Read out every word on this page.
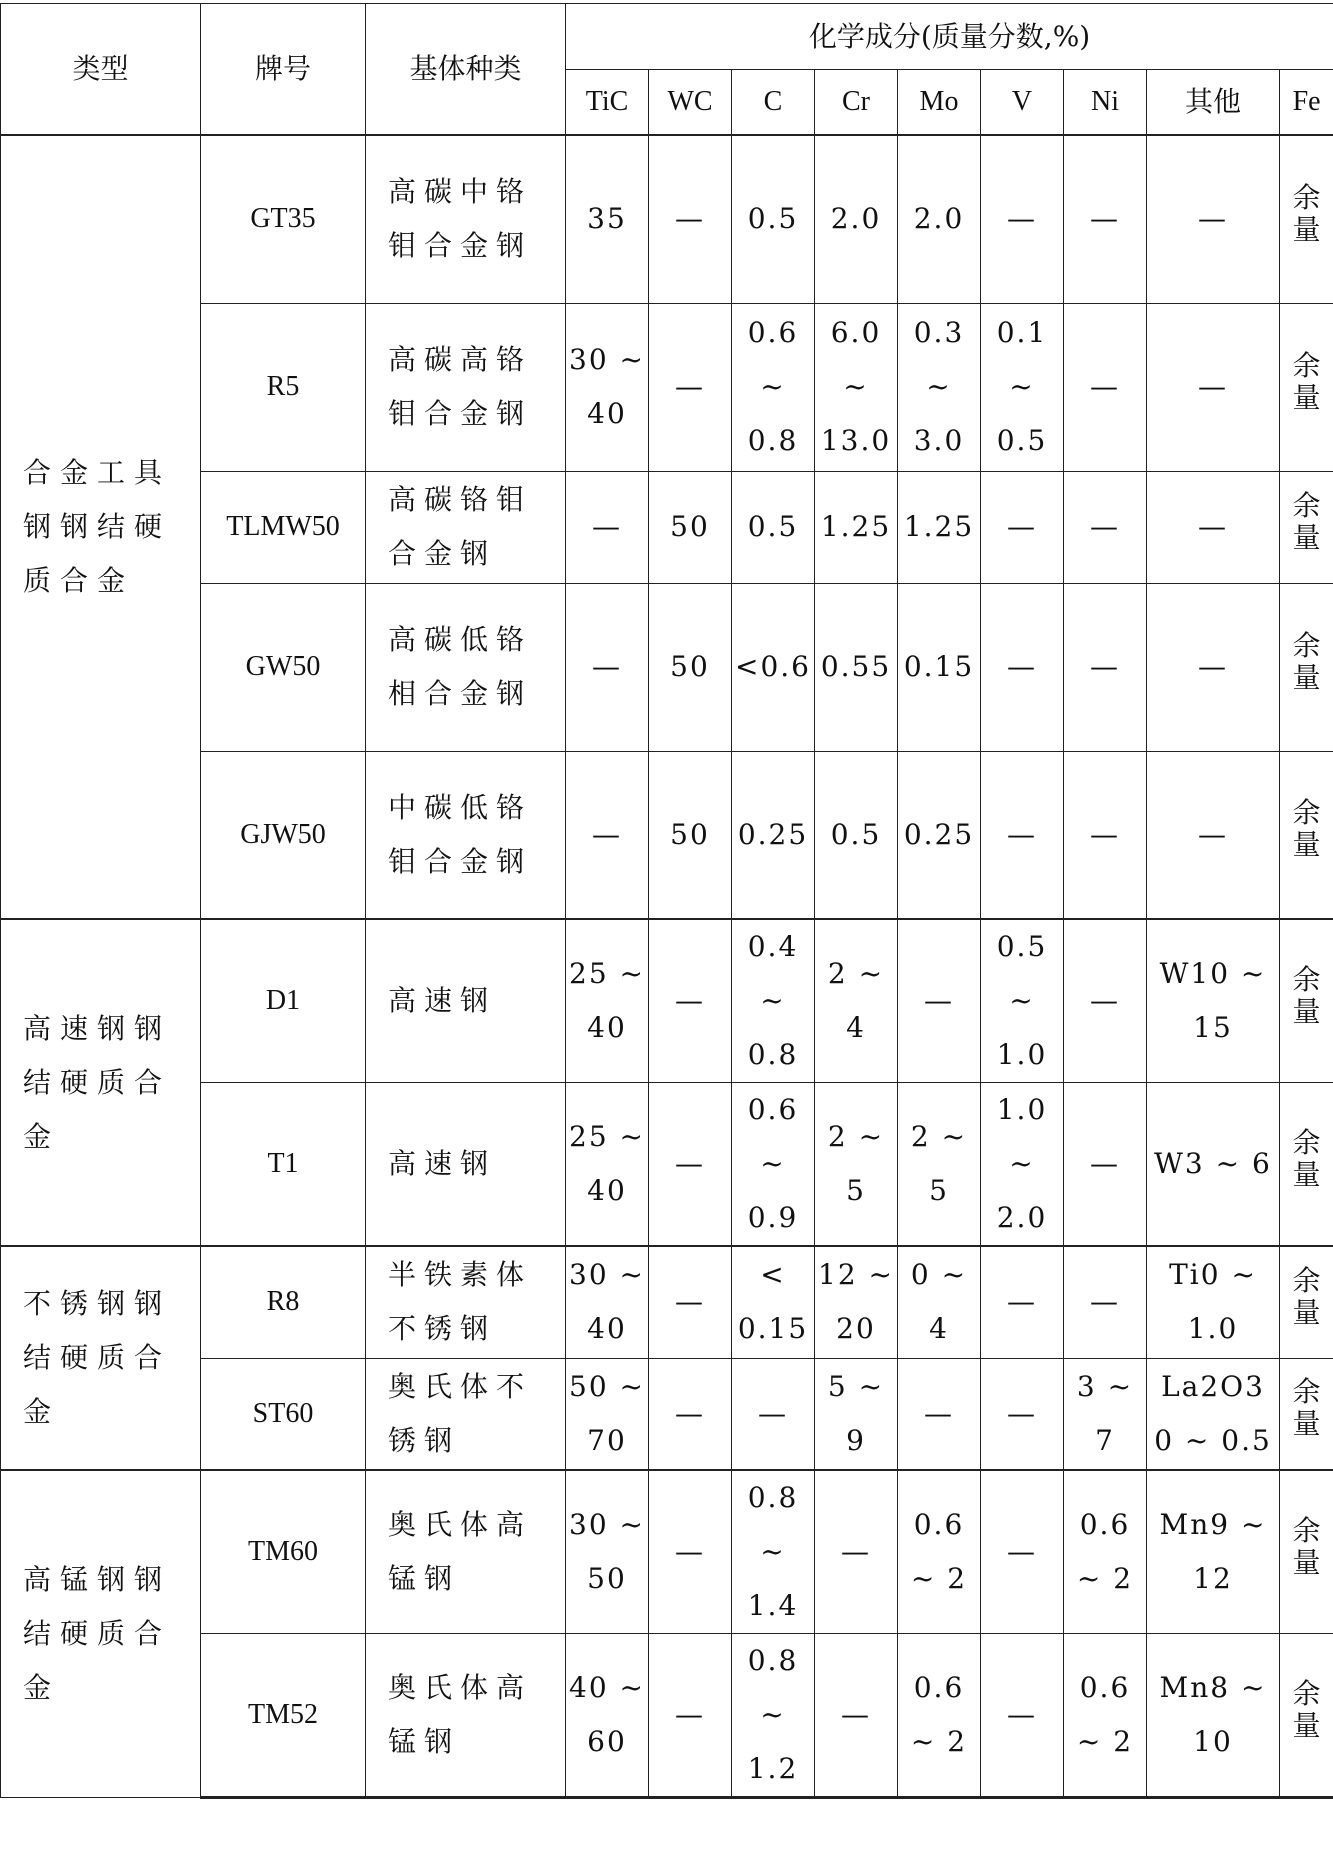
类型	牌号	基体种类	化学成分(质量分数,%)								
			TiC	WC	C	Cr	Mo	V	Ni	其他	Fe
合金工具钢钢结硬质合金	GT35	高碳中铬钼合金钢	35	—	0.5	2.0	2.0	—	—	—	余量
	R5	高碳高铬钼合金钢	30 ~ 40	—	0.6 ~ 0.8	6.0 ~ 13.0	0.3 ~ 3.0	0.1 ~ 0.5	—	—	余量
	TLMW50	高碳铬钼合金钢	—	50	0.5	1.25	1.25	—	—	—	余量
	GW50	高碳低铬相合金钢	—	50	<0.6	0.55	0.15	—	—	—	余量
	GJW50	中碳低铬钼合金钢	—	50	0.25	0.5	0.25	—	—	—	余量
高速钢钢结硬质合金	D1	高速钢	25 ~ 40	—	0.4 ~ 0.8	2 ~ 4	—	0.5 ~ 1.0	—	W10 ~ 15	余量
	T1	高速钢	25 ~ 40	—	0.6 ~ 0.9	2 ~ 5	2 ~ 5	1.0 ~ 2.0	—	W3 ~ 6	余量
不锈钢钢结硬质合金	R8	半铁素体不锈钢	30 ~ 40	—	< 0.15	12 ~ 20	0 ~ 4	—	—	Ti0 ~ 1.0	余量
	ST60	奥氏体不锈钢	50 ~ 70	—	—	5 ~ 9	—	—	3 ~ 7	La2O3 0 ~ 0.5	余量
高锰钢钢结硬质合金	TM60	奥氏体高锰钢	30 ~ 50	—	0.8 ~ 1.4	—	0.6 ~ 2	—	0.6 ~ 2	Mn9 ~ 12	余量
	TM52	奥氏体高锰钢	40 ~ 60	—	0.8 ~ 1.2	—	0.6 ~ 2	—	0.6 ~ 2	Mn8 ~ 10	余量
